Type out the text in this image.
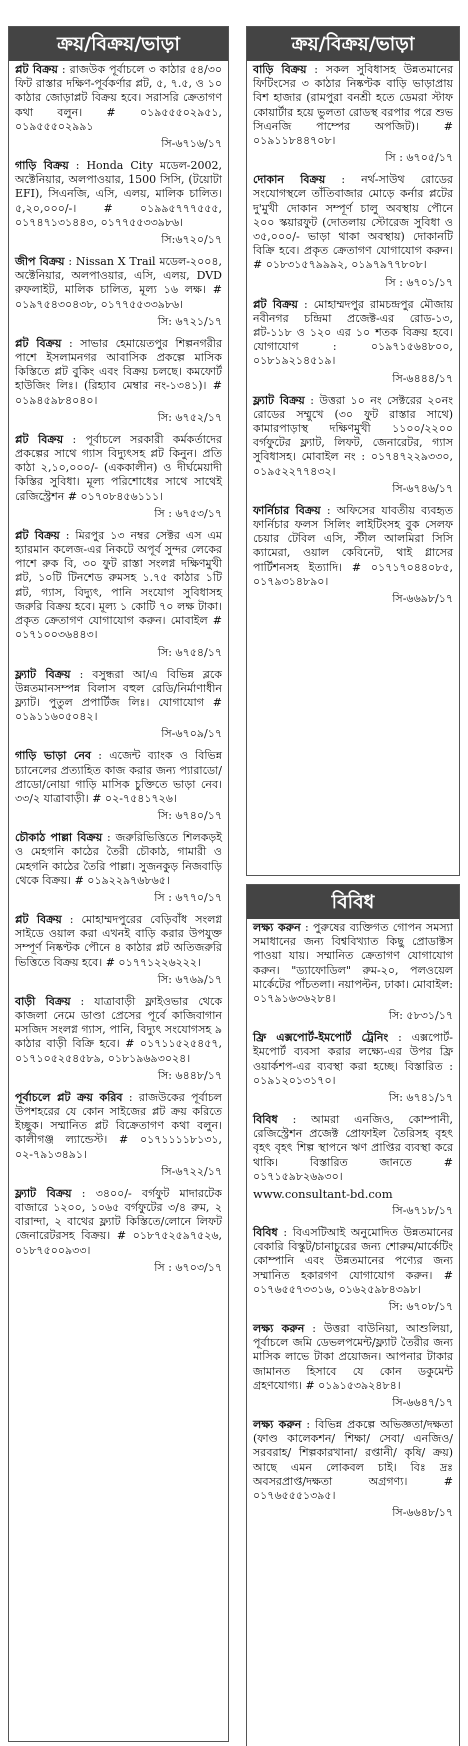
ক্রয়/বিক্রয়/ভাড়া

প্লট বিক্রয় : রাজউক পূর্বাচলে ৩ কাঠার ৫৪/৩০ ফিট রাস্তার দক্ষিণ-পূর্বকর্ণার প্লট, ৫, ৭.৫, ও ১০ কাঠার জোড়াপ্লট বিক্রয় হবে। সরাসরি ক্রেতাগণ কথা বলুন। # ০১৯৫৫৫০২৯৫১, ০১৯৫৫৫০২৯৯১

সি-৬৭১৬/১৭

গাড়ি বিক্রয় : Honda City মডেল-2002, অক্টেনিয়ার, অলপাওয়ার, 1500 সিসি, (টয়োটা EFI), সিএনজি, এসি, এলয়, মালিক চালিত। ৫,২০,০০০/-। # ০১৯৯৫৭৭৭৫৫৫, ০১৭৪৭১৩১৪৪৩, ০১৭৭৫৫৩৩৯৮৬।

সি:৬৭২০/১৭

জীপ বিক্রয় : Nissan X Trail মডেল-২০০৪, অক্টেনিয়ার, অলপাওয়ার, এসি, এলয়, DVD রুফলাইট, মালিক চালিত, মূল্য ১৬ লক্ষ। # ০১৯৭৫৪৩০৪৩৮, ০১৭৭৫৫৩৩৯৮৬।

সি: ৬৭২১/১৭

প্লট বিক্রয় : সাভার হেমায়েতপুর শিল্পনগরীর পাশে ইসলামনগর আবাসিক প্রকল্পে মাসিক কিস্তিতে প্লট বুকিং এবং বিক্রয় চলছে। কমফোর্ট হাউজিং লিঃ। (রিহ্যাব মেম্বার নং-১৩৪১)। # ০১৯৪৫৯৮৪০৪০।

সি: ৬৭৫২/১৭

প্লট বিক্রয় : পূর্বাচলে সরকারী কর্মকর্তাদের প্রকল্পের সাথে গ্যাস বিদ্যুৎসহ প্লট কিনুন। প্রতি কাঠা ২,১০,০০০/- (এককালীন) ও দীর্ঘমেয়াদী কিস্তির সুবিধা। মূল্য পরিশোধের সাথে সাথেই রেজিস্ট্রেশন # ০১৭০৮৪৫৬১১১।

সি : ৬৭৫৩/১৭

প্লট বিক্রয় : মিরপুর ১৩ নম্বর সেক্টর এস এম হ্যারমান কলেজ-এর নিকটে অপূর্ব সুন্দর লেকের পাশে রুক বি, ৩০ ফুট রাস্তা সংলগ্ন দক্ষিণমুখী প্লট, ১০টি টিনশেড রুমসহ ১.৭৫ কাঠার ১টি প্লট, গ্যাস, বিদ্যুৎ, পানি সংযোগ সুবিধাসহ জরুরি বিক্রয় হবে। মূল্য ১ কোটি ৭০ লক্ষ টাকা। প্রকৃত ক্রেতাগণ যোগাযোগ করুন। মোবাইল # ০১৭১০০৩৬৪৪৩।

সি: ৬৭৫৪/১৭

ফ্ল্যাট বিক্রয় : বসুন্ধরা আ/এ বিভিন্ন ব্লকে উন্নতমানসম্পন্ন বিলাস বহুল রেডি/নির্মাণাধীন ফ্ল্যাট। পুতুল প্রপার্টিজ লিঃ। যোগাযোগ # ০১৯১১৬০৫০৪২।

সি-৬৭০৯/১৭

গাড়ি ভাড়া নেব : এজেন্ট ব্যাংক ও বিভিন্ন চ্যানেলের প্রত্যাহিত কাজ করার জন্য প্যারাডো/প্রাডো/নোয়া গাড়ি মাসিক চুক্তিতে ভাড়া নেব। ৩৩/২ যাত্রাবাড়ী। # ০২-৭৫৪১৭২৬।

সি: ৬৭৪০/১৭

চৌকাঠ পাল্লা বিক্রয় : জরুরিভিত্তিতে শিলকড়ই ও মেহগনি কাঠের তৈরী চৌকাঠ, গামারী ও মেহগনি কাঠের তৈরি পাল্লা। সুজনকুড় নিজবাড়ি থেকে বিক্রয়। # ০১৯২২৯৭৬৮৬৫।

সি : ৬৭৭০/১৭

প্লট বিক্রয় : মোহাম্মদপুরের বেড়িবাঁধ সংলগ্ন সাইডে ওয়াল করা এখনই বাড়ি করার উপযুক্ত সম্পূর্ণ নিষ্কণ্টক পৌনে ৪ কাঠার প্লট অতিজরুরি ভিত্তিতে বিক্রয় হবে। # ০১৭৭১২২৬২২২।

সি: ৬৭৬৯/১৭

বাড়ী বিক্রয় : যাত্রাবাড়ী ফ্লাইওভার থেকে কাজলা নেমে ডাণ্ডা প্রেসের পূর্বে কাজিবাগান মসজিদ সংলগ্ন গ্যাস, পানি, বিদ্যুৎ সংযোগসহ ৯ কাঠার বাড়ী বিক্রি হবে। # ০১৭১১৫২৫৪৫৭, ০১৭১০৫২৫৪৫৮৯, ০১৮১৯৬৯৩০২৪।

সি: ৬৪৪৮/১৭

পূর্বাচলে প্লট ক্রয় করিব : রাজউকের পূর্বাচল উপশহরের যে কোন সাইজের প্লট ক্রয় করিতে ইচ্ছুক। সম্মানিত প্লট বিক্রেতাগণ কথা বলুন। কালীগঞ্জ ল্যান্ডেস্ট। # ০১৭১১১১৮১৩১, ০২-৭৯১৩৪৯১।

সি-৬৭২২/১৭

ফ্ল্যাট বিক্রয় : ৩৪০০/- বর্গফুট মাদারটেক বাজারে ১২০০, ১০৬৫ বর্গফুটের ৩/৪ রুম, ২ বারান্দা, ২ বাথের ফ্ল্যাট কিস্তিতে/লোনে লিফট জেনারেটরসহ বিক্রয়। # ০১৮৭৫২৫৯৭৫২৬, ০১৮৭৫০০৯৩৩।

সি : ৬৭০৩/১৭
ক্রয়/বিক্রয়/ভাড়া

বাড়ি বিক্রয় : সকল সুবিধাসহ উন্নতমানের ফিটিংসের ৩ কাঠার নিষ্কণ্টক বাড়ি ভাড়াপ্রায় বিশ হাজার (রামপুরা বনশ্রী হতে ডেমরা স্টাফ কোয়ার্টার হয়ে ভুলতা রোডস্থ বরপার পরে শুভ সিএনজি পাম্পের অপজিট)। # ০১৯১১৮৪৪৭০৮।

সি : ৬৭০৫/১৭

দোকান বিক্রয় : নর্থ-সাউথ রোডের সংযোগস্থলে তাঁতিবাজার মোড়ে কর্নার প্লটের দু'মুখী দোকান সম্পূর্ণ চালু অবস্থায় পৌনে ২০০ স্কয়ারফুট (দোতলায় স্টোরেজ সুবিধা ও ৩৫,০০০/- ভাড়া থাকা অবস্থায়) দোকানটি বিক্রি হবে। প্রকৃত ক্রেতাগণ যোগাযোগ করুন। # ০১৮৩১৫৭৯৯৯২, ০১৯৭৯৭৭৮০৮।

সি : ৬৭০১/১৭

প্লট বিক্রয় : মোহাম্মদপুর রামচন্দ্রপুর মৌজায় নবীনগর চন্দ্রিমা প্রজেক্ট-এর রোড-১৩, প্লট-১১৮ ও ১২০ এর ১০ শতক বিক্রয় হবে। যোগাযোগ : ০১৯৭১৫৬৪৮০০, ০১৮১৯২১৪৫১৯।

সি-৬৪৪৪/১৭

ফ্ল্যাট বিক্রয় : উত্তরা ১০ নং সেক্টরের ২০নং রোডের সম্মুখে (৩০ ফুট রাস্তার সাথে) কামারপাড়াস্থ দক্ষিণমুখী ১১০০/২২০০ বর্গফুটের ফ্ল্যাট, লিফট, জেনারেটর, গ্যাস সুবিধাসহ। মোবাইল নং : ০১৭৪৭২২৯৩৩০, ০১৯৫২২৭৭৪৩২।

সি-৬৭৪৬/১৭

ফার্নিচার বিক্রয় : অফিসের যাবতীয় ব্যবহৃত ফার্নিচার ফলস সিলিং লাইটিংসহ বুক সেলফ চেয়ার টেবিল এসি, স্টীল আলমিরা সিসি ক্যামেরা, ওয়াল কেবিনেট, থাই গ্লাসের পার্টিশনসহ ইত্যাদি। # ০১৭১৭০৪৪০৮৫, ০১৭৯৩১৪৮৯০।

সি-৬৬৯৮/১৭
বিবিধ

লক্ষ্য করুন : পুরুষের ব্যক্তিগত গোপন সমস্যা সমাধানের জন্য বিশ্ববিখ্যাত কিছু প্রোডাক্টস পাওয়া যায়। সম্মানিত ক্রেতাগণ যোগাযোগ করুন। "ড্যাফোডিল" রুম-২০, পলওয়েল মার্কেটের পাঁচতলা। নয়াপল্টন, ঢাকা। মোবাইল: ০১৭৯১৬৩৬২৮৪।

সি: ৫৮৩১/১৭

ফ্রি এক্সপোর্ট-ইমপোর্ট ট্রেনিং : এক্সপোর্ট-ইমপোর্ট ব্যবসা করার লক্ষ্যে-এর উপর ফ্রি ওয়ার্কশপ-এর ব্যবস্থা করা হচ্ছে। বিস্তারিত : ০১৯১২০১৩১৭০।

সি: ৬৭৪১/১৭

বিবিধ : আমরা এনজিও, কোম্পানী, রেজিস্ট্রেশন প্রজেক্ট প্রোফাইল তৈরিসহ বৃহৎ বৃহৎ বৃহৎ শিল্প স্থাপনে ঋণ প্রাপ্তির ব্যবস্থা করে থাকি। বিস্তারিত জানতে # ০১৭১৫৯৮২৬৯৩০।

www.consultant-bd.com
সি-৬৭১৮/১৭

বিবিধ : বিএসটিআই অনুমোদিত উন্নতমানের বেকারি বিস্কুট/চানাচুরের জন্য শোরুম/মার্কেটিং কোম্পানি এবং উন্নতমানের পণ্যের জন্য সম্মানিত হকারগণ যোগাযোগ করুন। # ০১৭৬৫৫৭৩৩১৬, ০১৬২৫৯৮৪৩৯৮।

সি: ৬৭০৮/১৭

লক্ষ্য করুন : উত্তরা বাউনিয়া, আশুলিয়া, পূর্বাচলে জমি ডেভলপমেন্ট/ফ্ল্যাট তৈরীর জন্য মাসিক লাভে টাকা প্রয়োজন। আপনার টাকার জামানত হিসাবে যে কোন ডকুমেন্ট গ্রহণযোগ্য। # ০১৯১৫৩৯২৪৮৪।

সি-৬৬৪৭/১৭

লক্ষ্য করুন : বিভিন্ন প্রকল্পে অভিজ্ঞতা/দক্ষতা (ফাণ্ড কালেকশন/ শিক্ষা/ সেবা/ এনজিও/ সরবরাহ/ শিল্পকারখানা/ রপ্তানী/ কৃষি/ ক্রয়) আছে এমন লোকবল চাই। বিঃ দ্রঃ অবসরপ্রাপ্ত/দক্ষতা অগ্রগণ্য। # ০১৭৬৫৫৫১৩৯৫।

সি-৬৬৪৮/১৭
